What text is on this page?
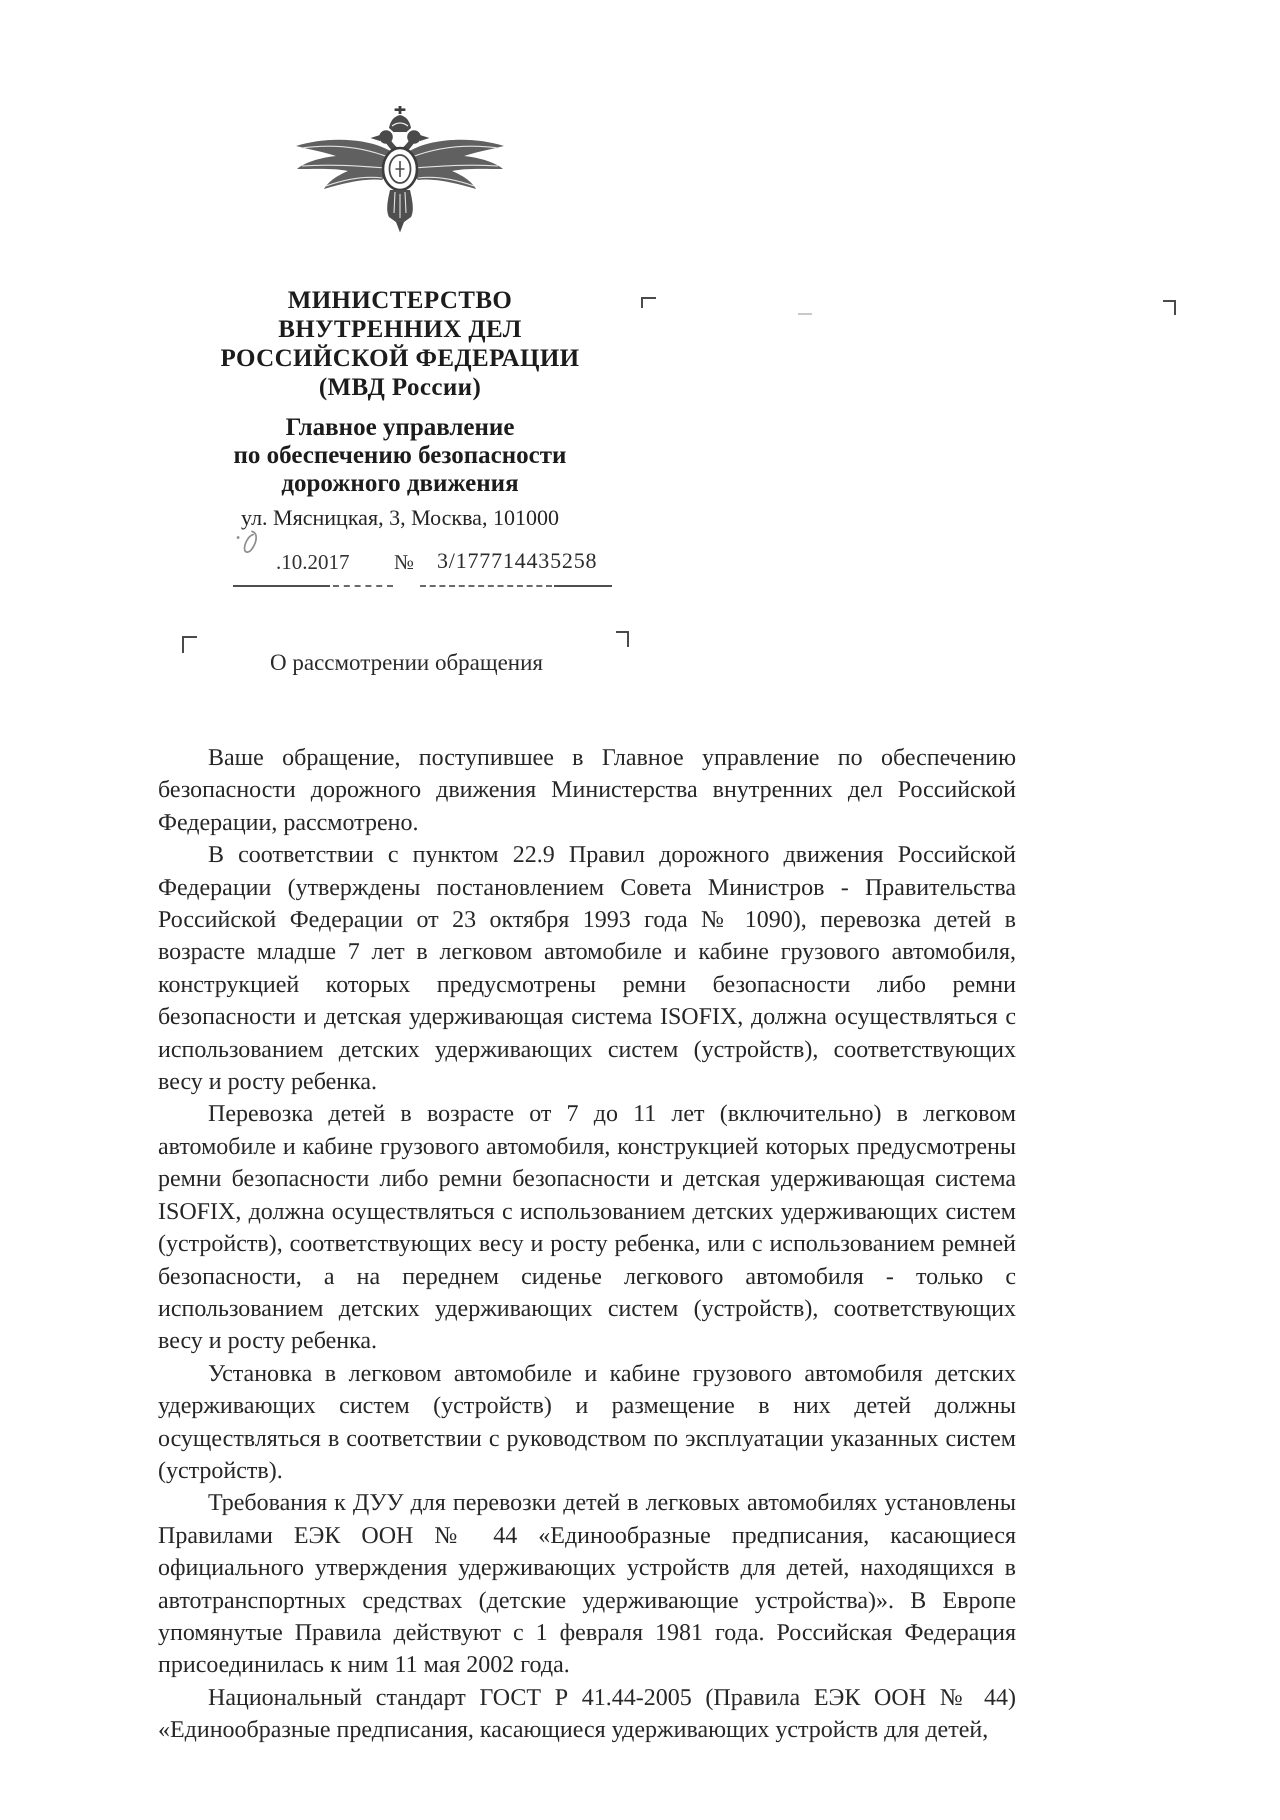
МИНИСТЕРСТВО
ВНУТРЕННИХ ДЕЛ
РОССИЙСКОЙ ФЕДЕРАЦИИ
(МВД России)
Главное управление
по обеспечению безопасности
дорожного движения
ул. Мясницкая, 3, Москва, 101000
.10.2017 № 3/177714435258
О рассмотрении обращения

Ваше обращение, поступившее в Главное управление по обеспечению безопасности дорожного движения Министерства внутренних дел Российской Федерации, рассмотрено.

В соответствии с пунктом 22.9 Правил дорожного движения Российской Федерации (утверждены постановлением Совета Министров - Правительства Российской Федерации от 23 октября 1993 года № 1090), перевозка детей в возрасте младше 7 лет в легковом автомобиле и кабине грузового автомобиля, конструкцией которых предусмотрены ремни безопасности либо ремни безопасности и детская удерживающая система ISOFIX, должна осуществляться с использованием детских удерживающих систем (устройств), соответствующих весу и росту ребенка.

Перевозка детей в возрасте от 7 до 11 лет (включительно) в легковом автомобиле и кабине грузового автомобиля, конструкцией которых предусмотрены ремни безопасности либо ремни безопасности и детская удерживающая система ISOFIX, должна осуществляться с использованием детских удерживающих систем (устройств), соответствующих весу и росту ребенка, или с использованием ремней безопасности, а на переднем сиденье легкового автомобиля - только с использованием детских удерживающих систем (устройств), соответствующих весу и росту ребенка.

Установка в легковом автомобиле и кабине грузового автомобиля детских удерживающих систем (устройств) и размещение в них детей должны осуществляться в соответствии с руководством по эксплуатации указанных систем (устройств).

Требования к ДУУ для перевозки детей в легковых автомобилях установлены Правилами ЕЭК ООН № 44 «Единообразные предписания, касающиеся официального утверждения удерживающих устройств для детей, находящихся в автотранспортных средствах (детские удерживающие устройства)». В Европе упомянутые Правила действуют с 1 февраля 1981 года. Российская Федерация присоединилась к ним 11 мая 2002 года.

Национальный стандарт ГОСТ Р 41.44-2005 (Правила ЕЭК ООН № 44) «Единообразные предписания, касающиеся удерживающих устройств для детей,
